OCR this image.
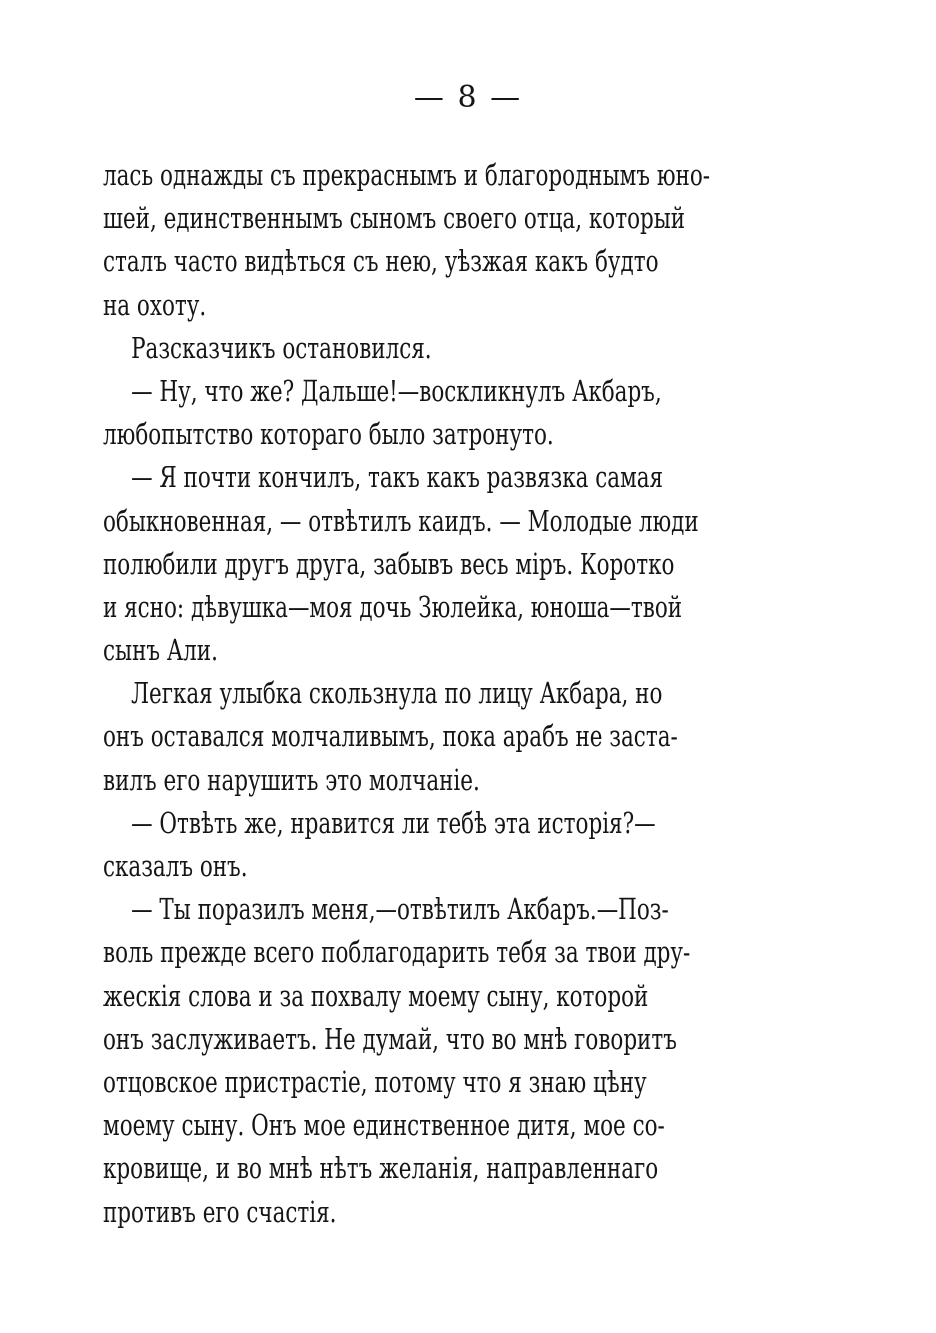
— 8 —
лась однажды съ прекраснымъ и благороднымъ юно-
шей, единственнымъ сыномъ своего отца, который
сталъ часто видѣться съ нею, уѣзжая какъ будто
на охоту.
Разсказчикъ остановился.
— Ну, что же? Дальше!—воскликнулъ Акбаръ,
любопытство котораго было затронуто.
— Я почти кончилъ, такъ какъ развязка самая
обыкновенная, — отвѣтилъ каидъ. — Молодые люди
полюбили другъ друга, забывъ весь міръ. Коротко
и ясно: дѣвушка—моя дочь Зюлейка, юноша—твой
сынъ Али.
Легкая улыбка скользнула по лицу Акбара, но
онъ оставался молчаливымъ, пока арабъ не заста-
вилъ его нарушить это молчаніе.
— Отвѣть же, нравится ли тебѣ эта исторія?—
сказалъ онъ.
— Ты поразилъ меня,—отвѣтилъ Акбаръ.—Поз-
воль прежде всего поблагодарить тебя за твои дру-
жескія слова и за похвалу моему сыну, которой
онъ заслуживаетъ. Не думай, что во мнѣ говоритъ
отцовское пристрастіе, потому что я знаю цѣну
моему сыну. Онъ мое единственное дитя, мое со-
кровище, и во мнѣ нѣтъ желанія, направленнаго
противъ его счастія.
